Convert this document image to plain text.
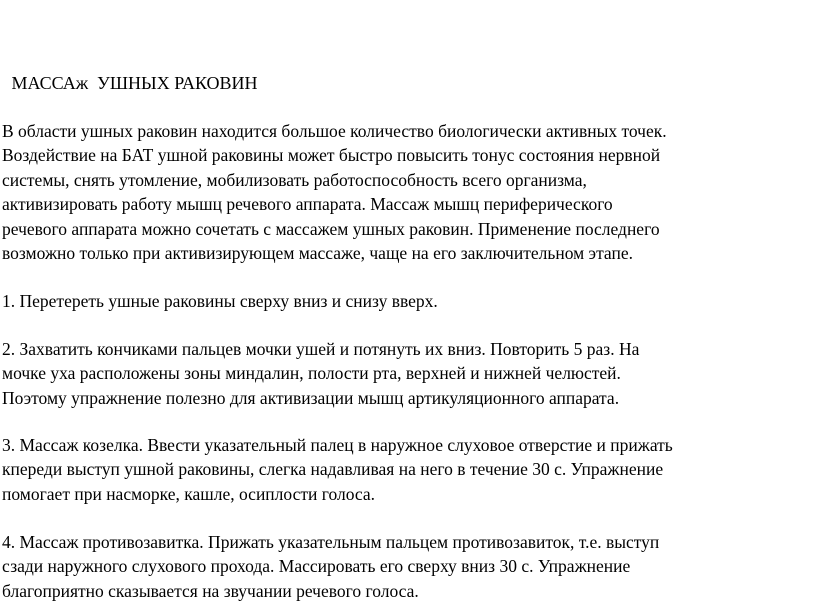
МАССАж  УШНЫХ РАКОВИН
В области ушных раковин находится большое количество биологически активных точек.
Воздействие на БАТ ушной раковины может быстро повысить тонус состояния нервной
системы, снять утомление, мобилизовать работоспособность всего организма,
активизировать работу мышц речевого аппарата. Массаж мышц периферического
речевого аппарата можно сочетать с массажем ушных раковин. Применение последнего
возможно только при активизирующем массаже, чаще на его заключительном этапе.
1. Перетереть ушные раковины сверху вниз и снизу вверх.
2. Захватить кончиками пальцев мочки ушей и потянуть их вниз. Повторить 5 раз. На
мочке уха расположены зоны миндалин, полости рта, верхней и нижней челюстей.
Поэтому упражнение полезно для активизации мышц артикуляционного аппарата.
3. Массаж козелка. Ввести указательный палец в наружное слуховое отверстие и прижать
кпереди выступ ушной раковины, слегка надавливая на него в течение 30 с. Упражнение
помогает при насморке, кашле, осиплости голоса.
4. Массаж противозавитка. Прижать указательным пальцем противозавиток, т.е. выступ
сзади наружного слухового прохода. Массировать его сверху вниз 30 с. Упражнение
благоприятно сказывается на звучании речевого голоса.
